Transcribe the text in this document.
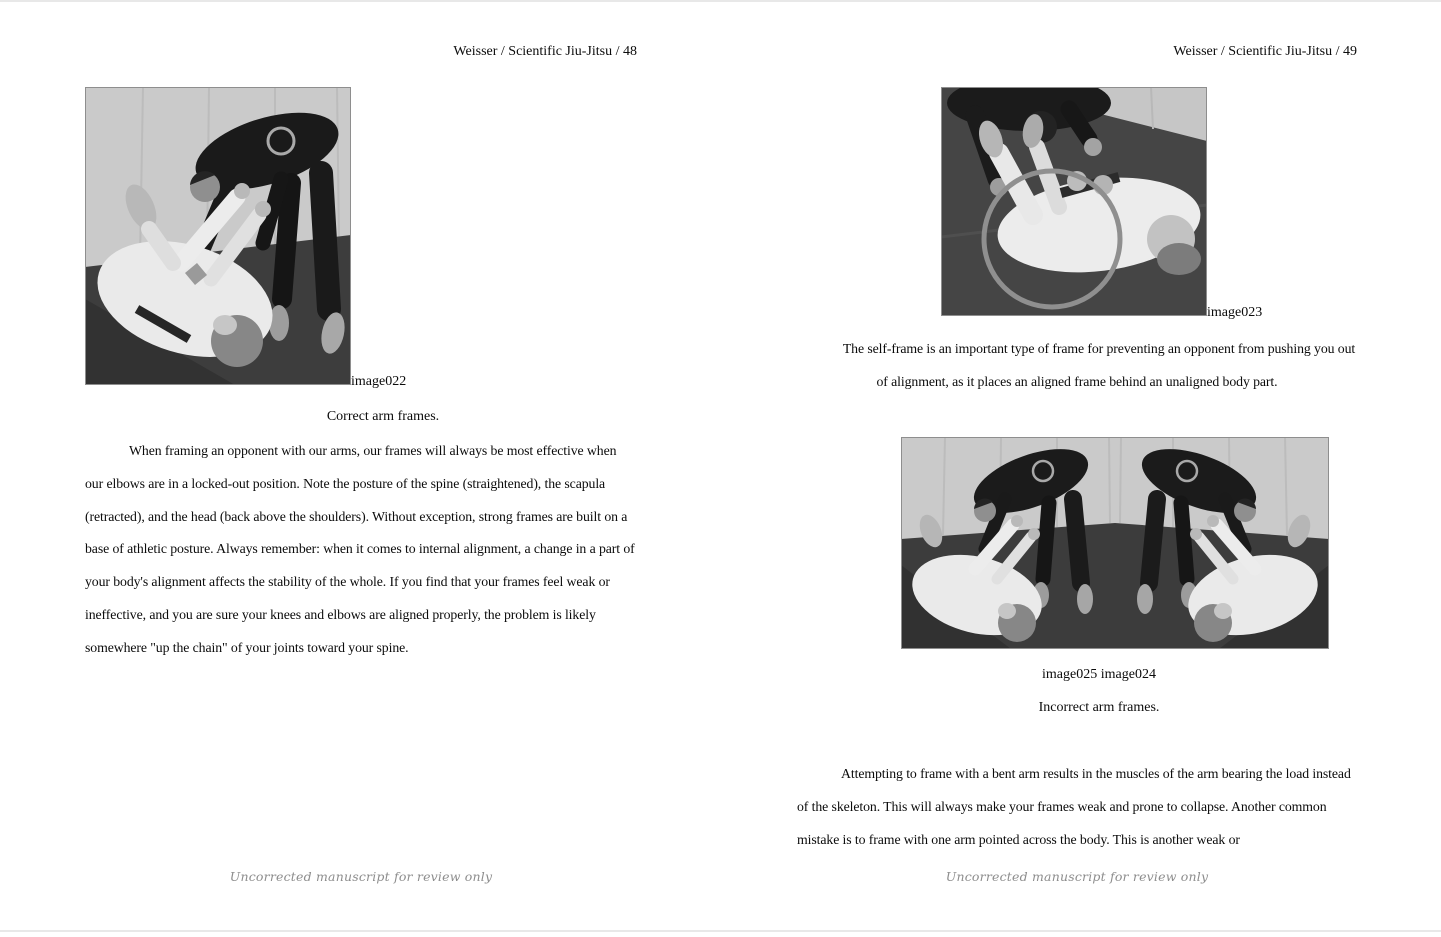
Weisser / Scientific Jiu-Jitsu / 48
image022
Correct arm frames.
When framing an opponent with our arms, our frames will always be most effective when our elbows are in a locked-out position. Note the posture of the spine (straightened), the scapula (retracted), and the head (back above the shoulders). Without exception, strong frames are built on a base of athletic posture. Always remember: when it comes to internal alignment, a change in a part of your body's alignment affects the stability of the whole. If you find that your frames feel weak or ineffective, and you are sure your knees and elbows are aligned properly, the problem is likely somewhere "up the chain" of your joints toward your spine.
Uncorrected manuscript for review only
Weisser / Scientific Jiu-Jitsu / 49
image023
The self-frame is an important type of frame for preventing an opponent from pushing you out of alignment, as it places an aligned frame behind an unaligned body part.
image025 image024
Incorrect arm frames.
Attempting to frame with a bent arm results in the muscles of the arm bearing the load instead of the skeleton. This will always make your frames weak and prone to collapse. Another common mistake is to frame with one arm pointed across the body. This is another weak or
Uncorrected manuscript for review only
